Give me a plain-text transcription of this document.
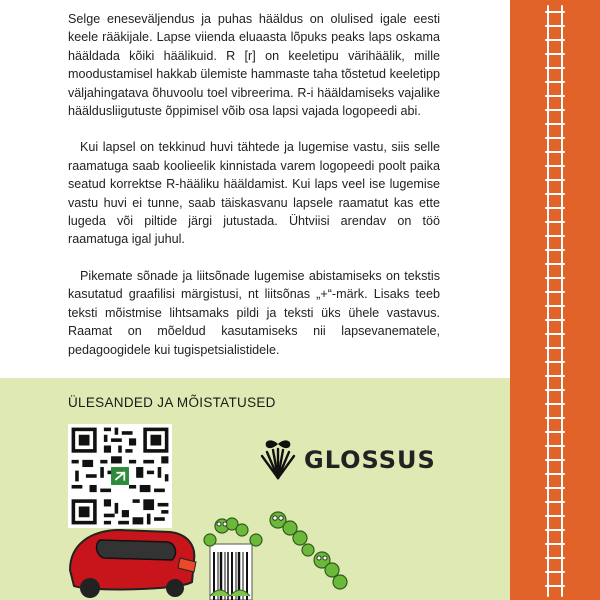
Selge eneseväljendus ja puhas hääldus on olulised igale eesti keele rääkijale. Lapse viienda eluaasta lõpuks peaks laps oskama hääldada kõiki häälikuid. R [r] on keeletipu värihäälik, mille moodustamisel hakkab ülemiste hammaste taha tõstetud keeletipp väljahingatava õhuvoolu toel vibreerima. R-i hääldamiseks vajalike hääldusliigutuste õppimisel võib osa lapsi vajada logopeedi abi.

Kui lapsel on tekkinud huvi tähtede ja lugemise vastu, siis selle raamatuga saab koolieelik kinnistada varem logopeedi poolt paika seatud korrektse R-hääliku hääldamist. Kui laps veel ise lugemise vastu huvi ei tunne, saab täiskasvanu lapsele raamatut kas ette lugeda või piltide järgi jutustada. Ühtviisi arendav on töö raamatuga igal juhul.

Pikemate sõnade ja liitsõnade lugemise abistamiseks on tekstis kasutatud graafilisi märgistusi, nt liitsõnas „+“-märk. Lisaks teeb teksti mõistmise lihtsamaks pildi ja teksti üks ühele vastavus. Raamat on mõeldud kasutamiseks nii lapsevanematele, pedagoogidele kui tugispetsialistidele.

ÜLESANDED JA MÕISTATUSED
GLOSSUS
